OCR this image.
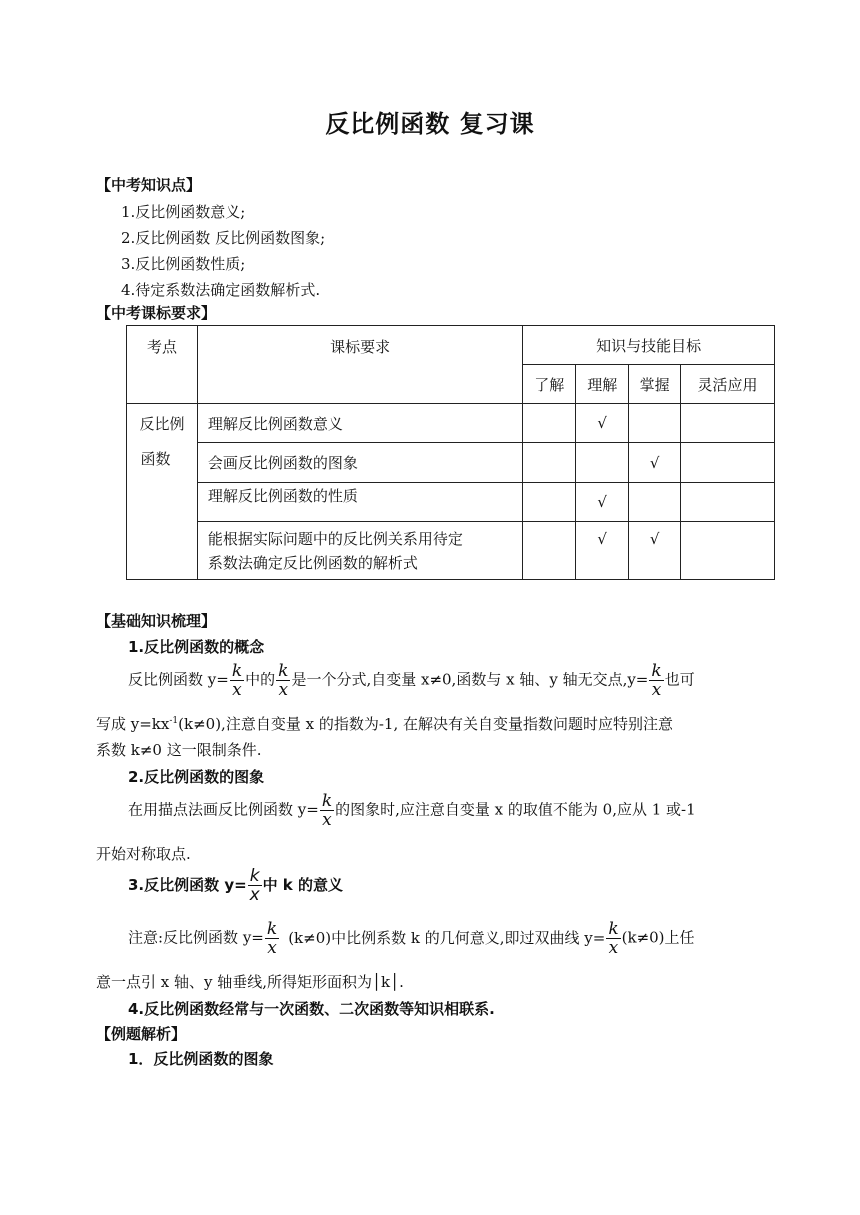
反比例函数 复习课
【中考知识点】
1.反比例函数意义;
2.反比例函数 反比例函数图象;
3.反比例函数性质;
4.待定系数法确定函数解析式.
【中考课标要求】
考点	课标要求	知识与技能目标			
		了解	理解	掌握	灵活应用

反比例
函数	理解反比例函数意义		√		
	会画反比例函数的图象			√	
	理解反比例函数的性质		√		

	能根据实际问题中的反比例关系用待定
系数法确定反比例函数的解析式		√	√	
【基础知识梳理】
1.反比例函数的概念
反比例函数 $y= \frac{k}{x}$ 中的 $\frac{k}{x}$ 是一个分式,自变量 x≠0,函数与 x 轴、y 轴无交点$,y= \frac{k}{x}$ 也可
写成 $y=kx^{-1}(k\ne 0)$,注意自变量 x 的指数为-1, 在解决有关自变量指数问题时应特别注意
系数 k≠0 这一限制条件.
2.反比例函数的图象
在用描点法画反比例函数 $y= \frac{k}{x}$ 的图象时,应注意自变量 x 的取值不能为 0,应从 1 或-1
开始对称取点.
3.反比例函数 $y= \frac{k}{x}$ 中 k 的意义
注意:反比例函数 $y= \frac{k}{x} (k\ne 0)$中比例系数 k 的几何意义,即过双曲线 $y= \frac{k}{x} (k\ne 0)$上任
意一点引 x 轴、y 轴垂线,所得矩形面积为│k│.
4.反比例函数经常与一次函数、二次函数等知识相联系.
【例题解析】
1．反比例函数的图象
